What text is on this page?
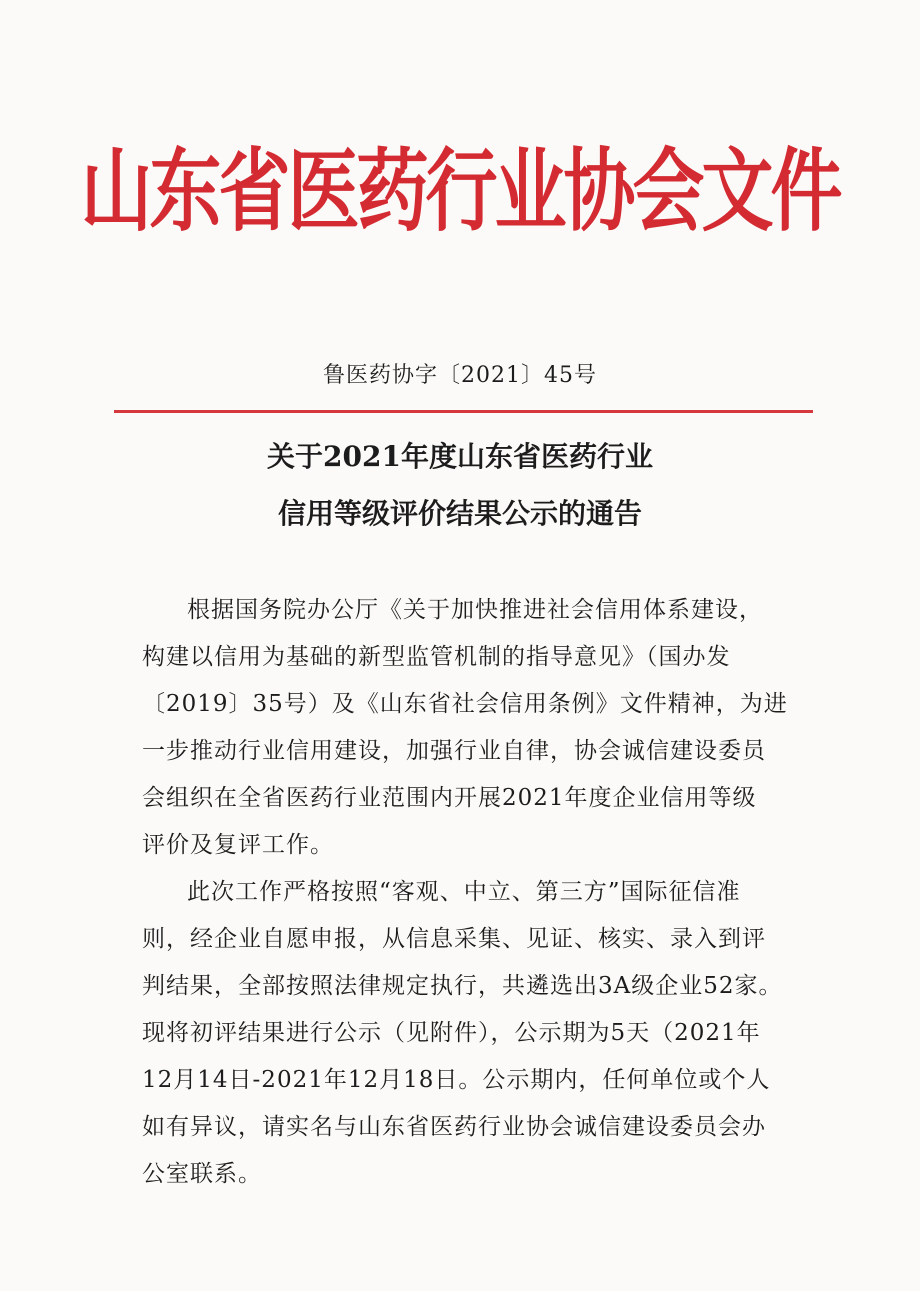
山东省医药行业协会文件
鲁医药协字〔2021〕45号
关于2021年度山东省医药行业
信用等级评价结果公示的通告
根据国务院办公厅《关于加快推进社会信用体系建设，
构建以信用为基础的新型监管机制的指导意见》（国办发
〔2019〕35号）及《山东省社会信用条例》文件精神，为进
一步推动行业信用建设，加强行业自律，协会诚信建设委员
会组织在全省医药行业范围内开展2021年度企业信用等级
评价及复评工作。
此次工作严格按照“客观、中立、第三方”国际征信准
则，经企业自愿申报，从信息采集、见证、核实、录入到评
判结果，全部按照法律规定执行，共遴选出3A级企业52家。
现将初评结果进行公示（见附件），公示期为5天（2021年
12月14日-2021年12月18日。公示期内，任何单位或个人
如有异议，请实名与山东省医药行业协会诚信建设委员会办
公室联系。
